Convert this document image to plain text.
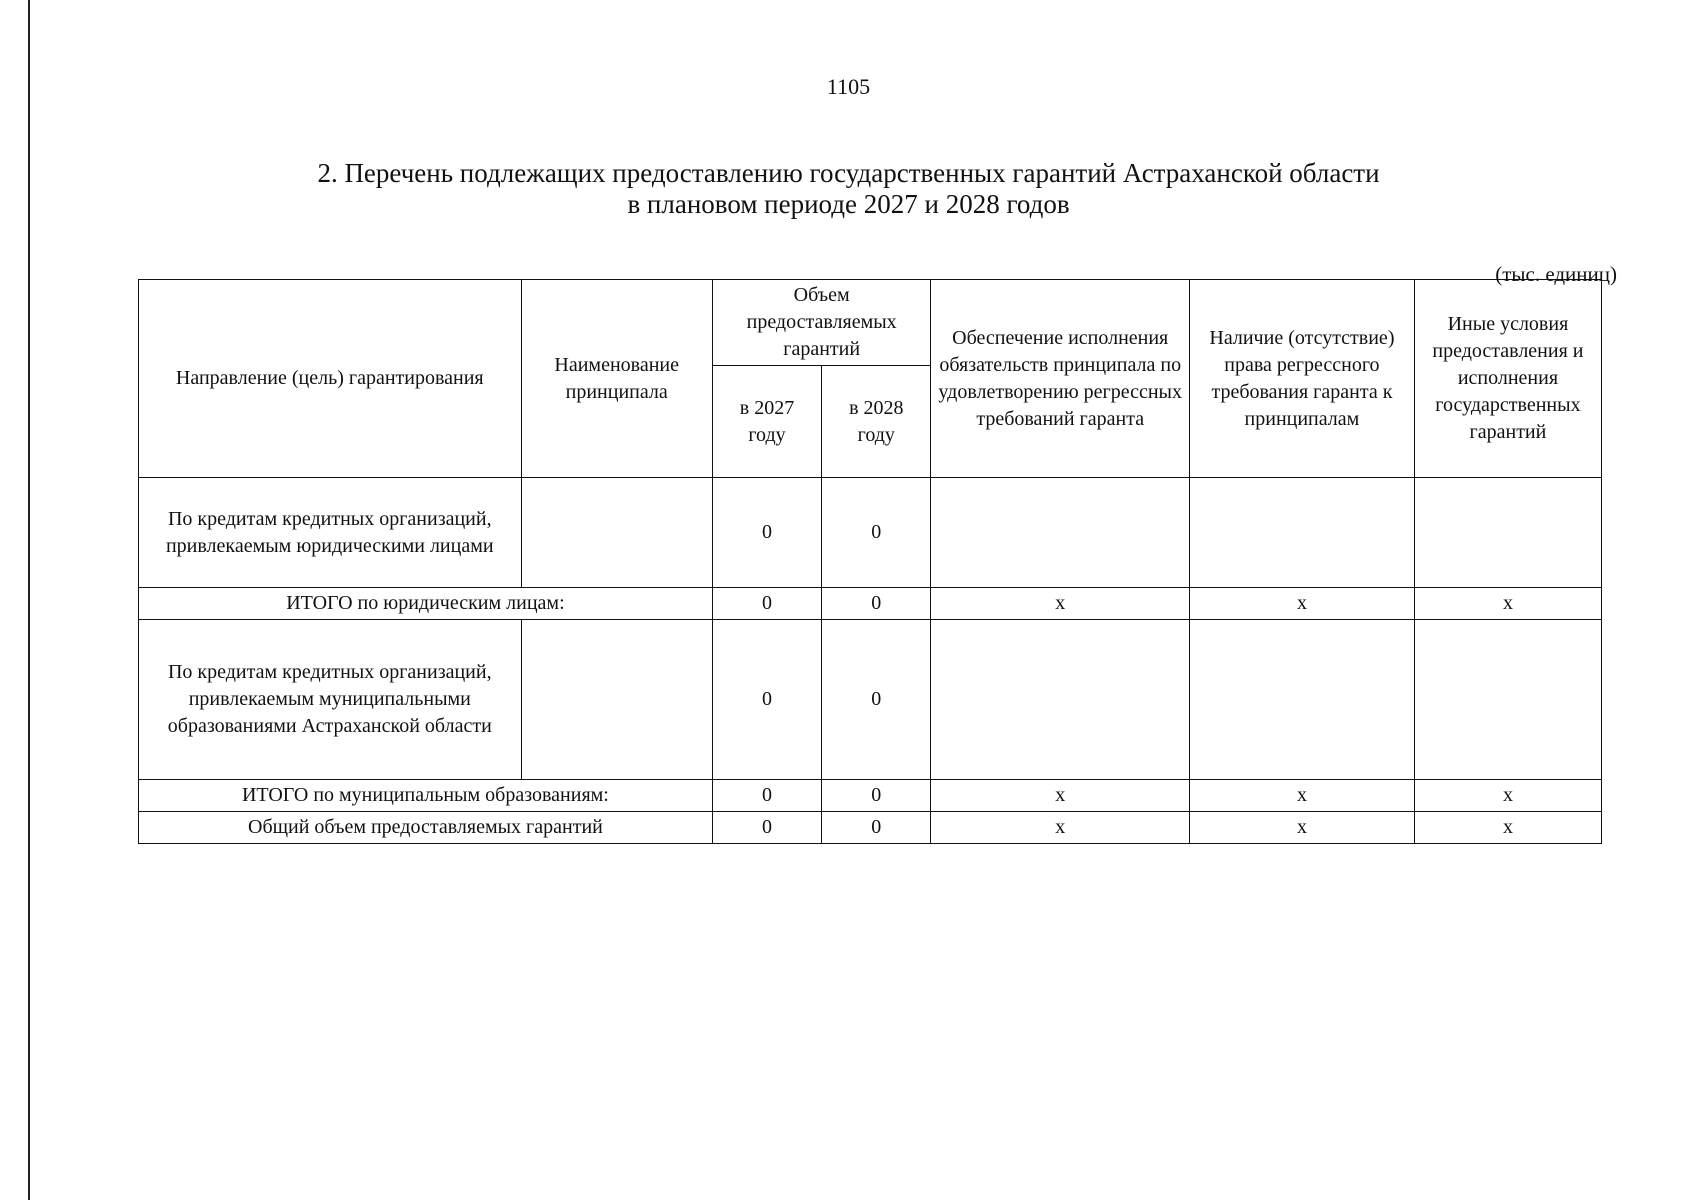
1105
2. Перечень подлежащих предоставлению государственных гарантий Астраханской области
в плановом периоде 2027 и 2028 годов
(тыс. единиц)
Направление (цель) гарантирования	Наименование принципала	Объем предоставляемых гарантий		Обеспечение исполнения обязательств принципала по удовлетворению регрессных требований гаранта	Наличие (отсутствие) права регрессного требования гаранта к принципалам	Иные условия предоставления и исполнения государственных гарантий
		в 2027 году	в 2028 году			
По кредитам кредитных организаций, привлекаемым юридическими лицами		0	0			
ИТОГО по юридическим лицам:		0	0	х	х	х
По кредитам кредитных организаций, привлекаемым муниципальными образованиями Астраханской области		0	0			
ИТОГО по муниципальным образованиям:		0	0	х	х	х
Общий объем предоставляемых гарантий		0	0	х	х	х
